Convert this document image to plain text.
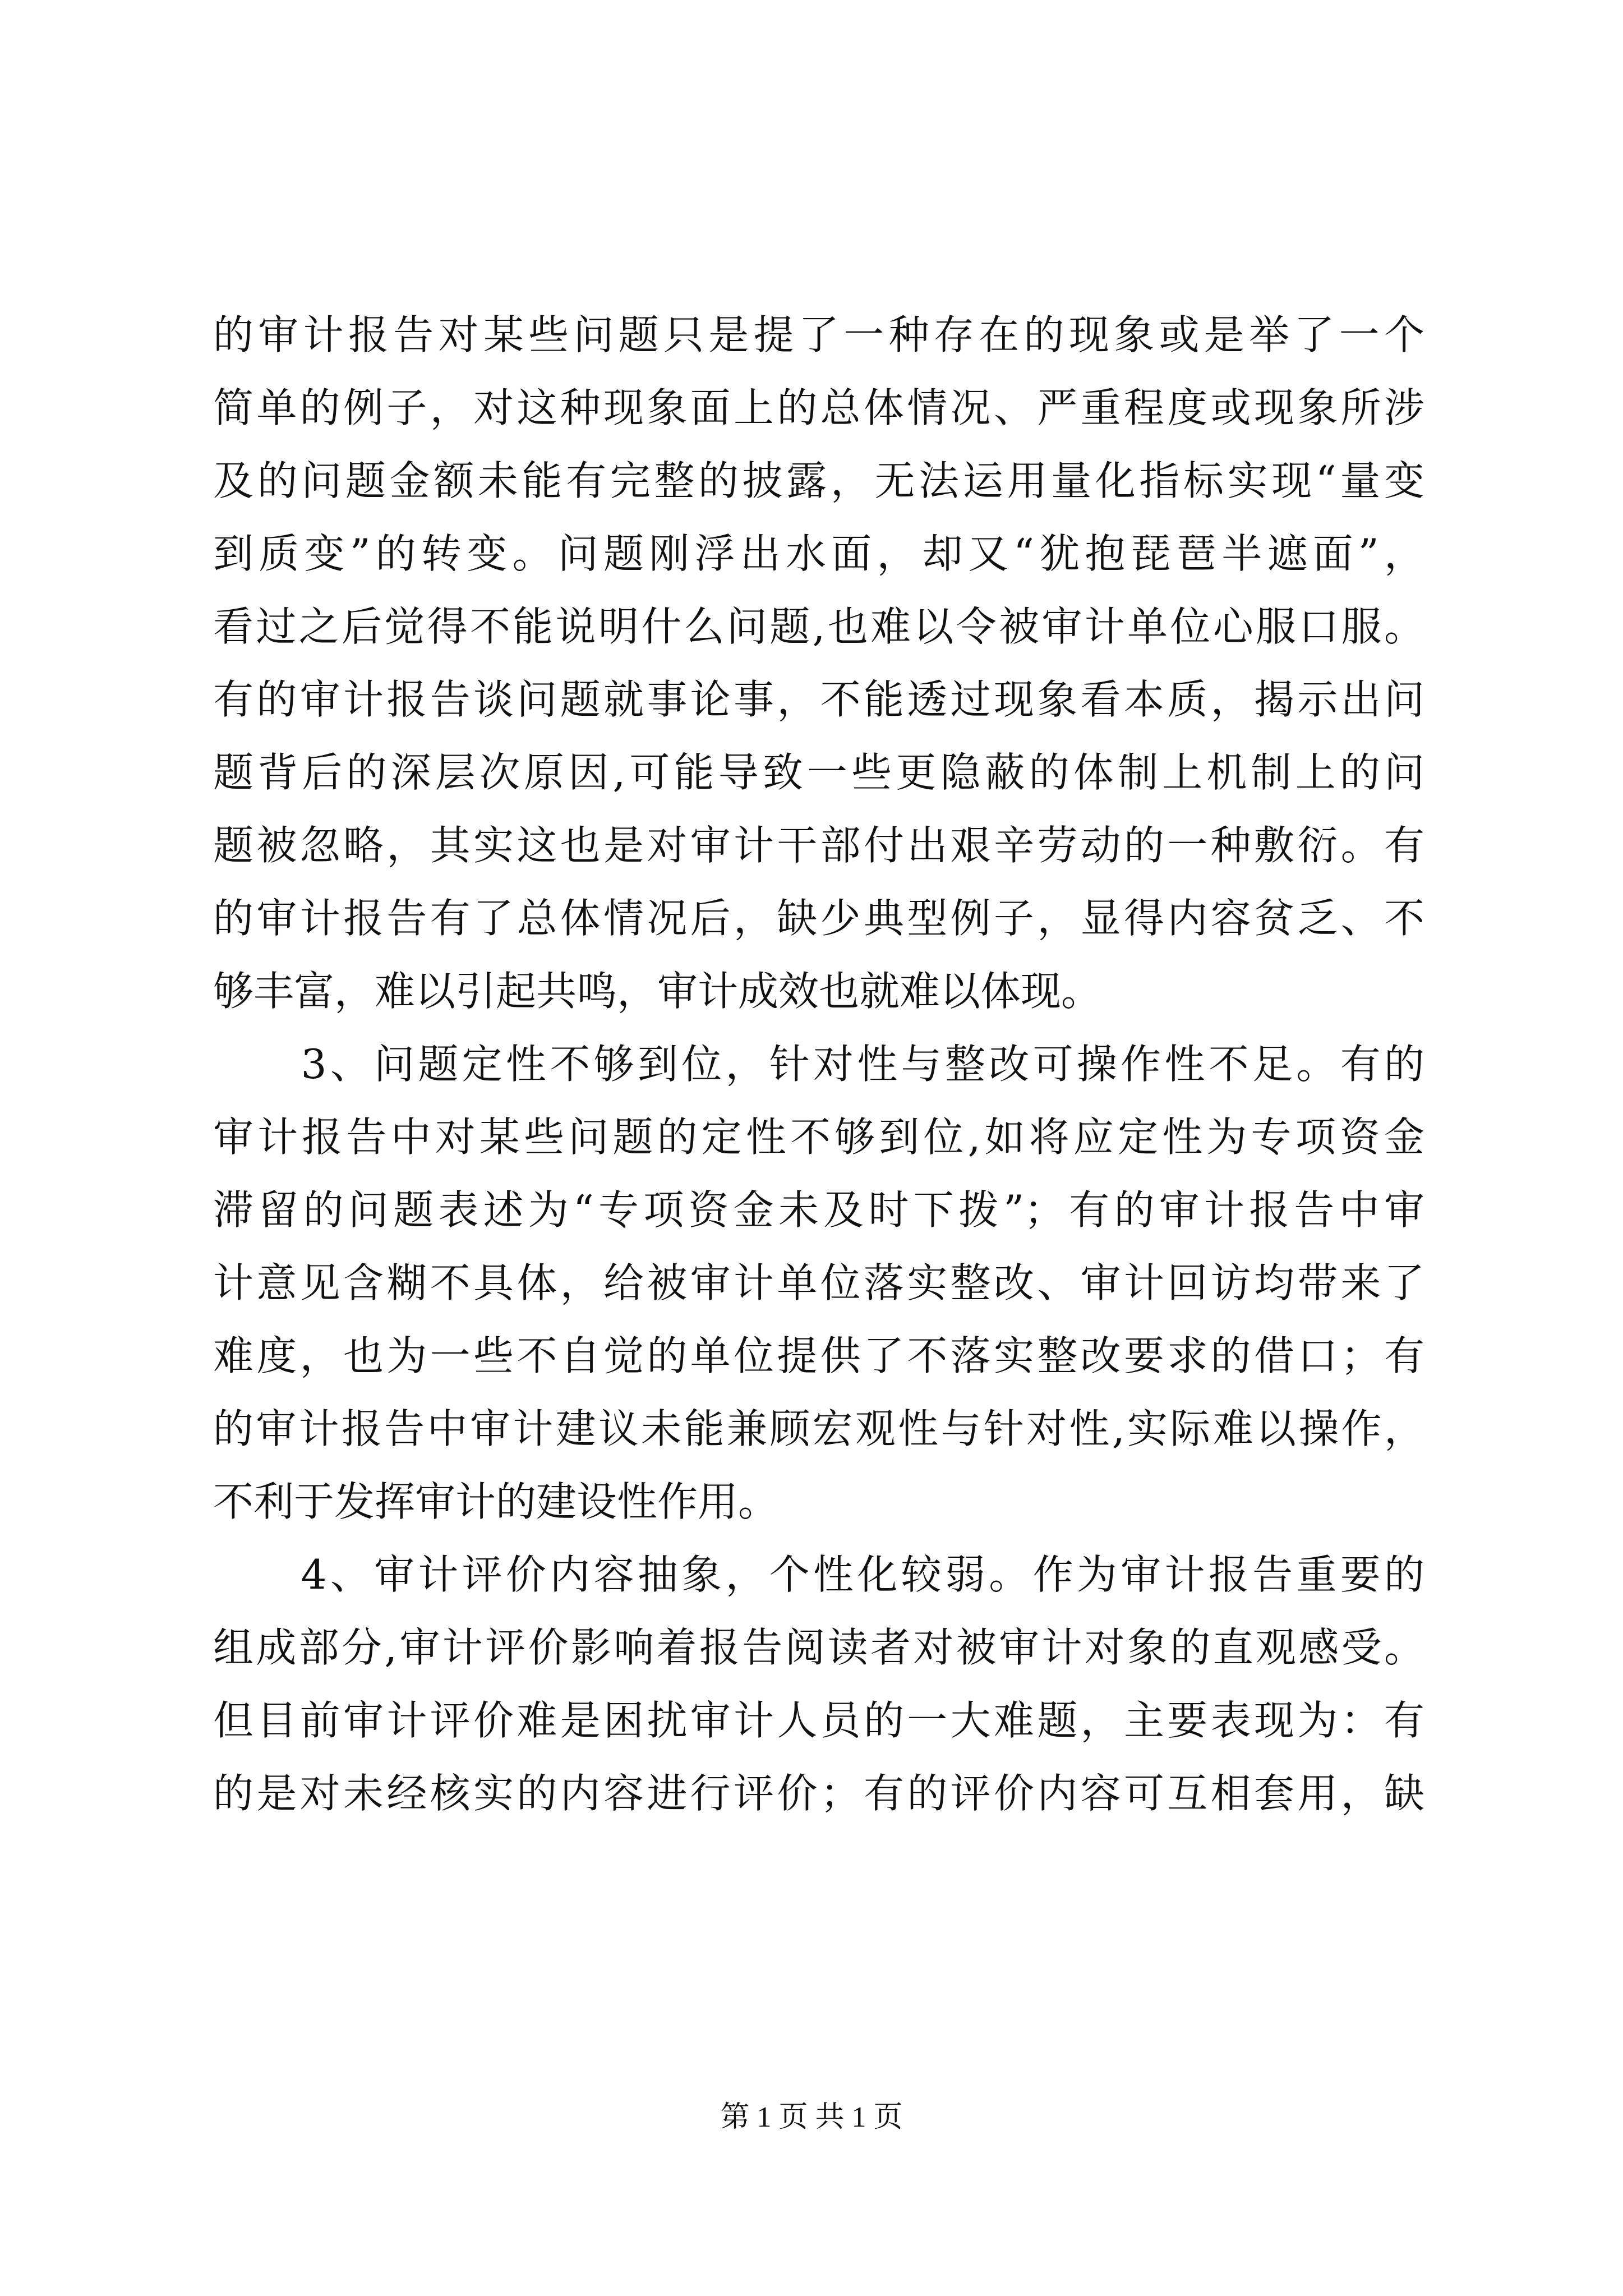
的审计报告对某些问题只是提了一种存在的现象或是举了一个
简单的例子，对这种现象面上的总体情况、严重程度或现象所涉
及的问题金额未能有完整的披露，无法运用量化指标实现“量变
到质变”的转变。问题刚浮出水面，却又“犹抱琵琶半遮面”，
看过之后觉得不能说明什么问题,也难以令被审计单位心服口服。
有的审计报告谈问题就事论事，不能透过现象看本质，揭示出问
题背后的深层次原因,可能导致一些更隐蔽的体制上机制上的问
题被忽略，其实这也是对审计干部付出艰辛劳动的一种敷衍。有
的审计报告有了总体情况后，缺少典型例子，显得内容贫乏、不
够丰富，难以引起共鸣，审计成效也就难以体现。
　　3、问题定性不够到位，针对性与整改可操作性不足。有的
审计报告中对某些问题的定性不够到位,如将应定性为专项资金
滞留的问题表述为“专项资金未及时下拨”；有的审计报告中审
计意见含糊不具体，给被审计单位落实整改、审计回访均带来了
难度，也为一些不自觉的单位提供了不落实整改要求的借口；有
的审计报告中审计建议未能兼顾宏观性与针对性,实际难以操作，
不利于发挥审计的建设性作用。
　　4、审计评价内容抽象，个性化较弱。作为审计报告重要的
组成部分,审计评价影响着报告阅读者对被审计对象的直观感受。
但目前审计评价难是困扰审计人员的一大难题，主要表现为：有
的是对未经核实的内容进行评价；有的评价内容可互相套用，缺
第 1 页 共 1 页
